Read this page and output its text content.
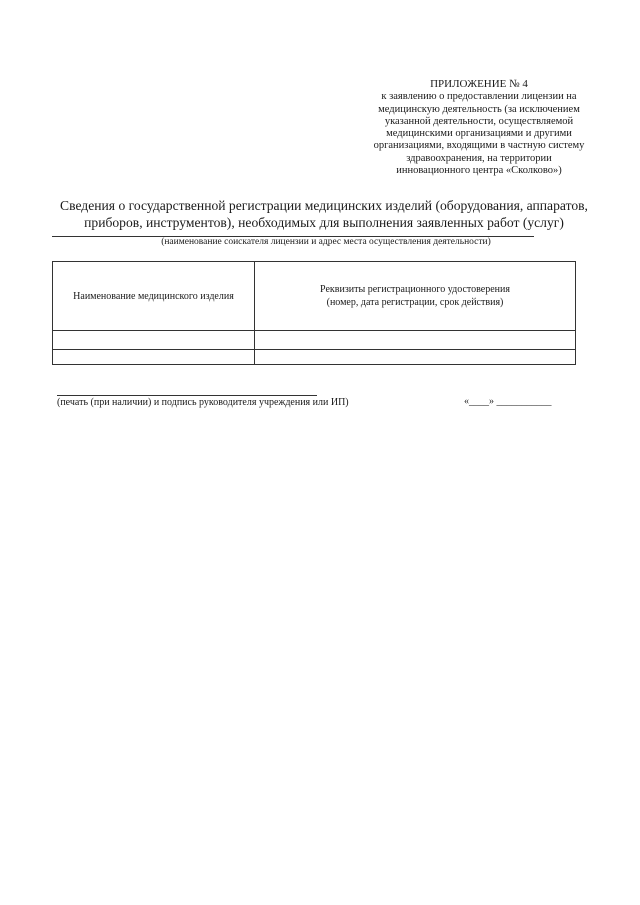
ПРИЛОЖЕНИЕ № 4
к заявлению о предоставлении лицензии на
медицинскую деятельность (за исключением
указанной деятельности, осуществляемой
медицинскими организациями и другими
организациями, входящими в частную систему
здравоохранения, на территории
инновационного центра «Сколково»)
Сведения о государственной регистрации медицинских изделий (оборудования, аппаратов,
приборов, инструментов), необходимых для выполнения заявленных работ (услуг)
(наименование соискателя лицензии и адрес места осуществления деятельности)
Наименование медицинского изделия	Реквизиты регистрационного удостоверения
(номер, дата регистрации, срок действия)

(печать (при наличии) и подпись руководителя учреждения или ИП)	«____» ___________
